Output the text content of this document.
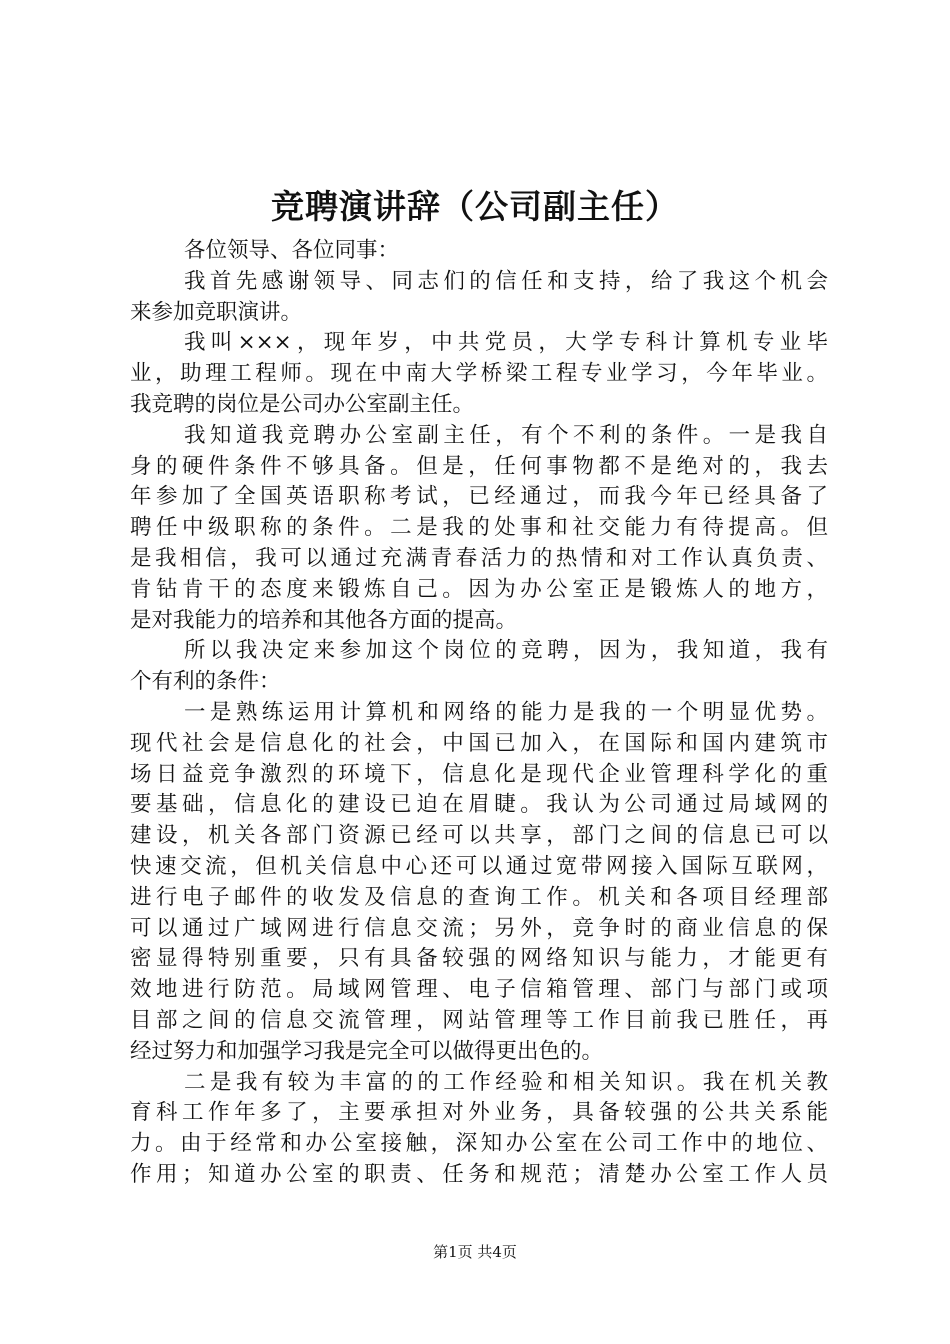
竞聘演讲辞（公司副主任）
各位领导、各位同事：
我首先感谢领导、同志们的信任和支持，给了我这个机会
来参加竞职演讲。
我叫×××，现年岁，中共党员，大学专科计算机专业毕
业，助理工程师。现在中南大学桥梁工程专业学习，今年毕业。
我竞聘的岗位是公司办公室副主任。
我知道我竞聘办公室副主任，有个不利的条件。一是我自
身的硬件条件不够具备。但是，任何事物都不是绝对的，我去
年参加了全国英语职称考试，已经通过，而我今年已经具备了
聘任中级职称的条件。二是我的处事和社交能力有待提高。但
是我相信，我可以通过充满青春活力的热情和对工作认真负责、
肯钻肯干的态度来锻炼自己。因为办公室正是锻炼人的地方，
是对我能力的培养和其他各方面的提高。
所以我决定来参加这个岗位的竞聘，因为，我知道，我有
个有利的条件：
一是熟练运用计算机和网络的能力是我的一个明显优势。
现代社会是信息化的社会，中国已加入，在国际和国内建筑市
场日益竞争激烈的环境下，信息化是现代企业管理科学化的重
要基础，信息化的建设已迫在眉睫。我认为公司通过局域网的
建设，机关各部门资源已经可以共享，部门之间的信息已可以
快速交流，但机关信息中心还可以通过宽带网接入国际互联网，
进行电子邮件的收发及信息的查询工作。机关和各项目经理部
可以通过广域网进行信息交流；另外，竞争时的商业信息的保
密显得特别重要，只有具备较强的网络知识与能力，才能更有
效地进行防范。局域网管理、电子信箱管理、部门与部门或项
目部之间的信息交流管理，网站管理等工作目前我已胜任，再
经过努力和加强学习我是完全可以做得更出色的。
二是我有较为丰富的的工作经验和相关知识。我在机关教
育科工作年多了，主要承担对外业务，具备较强的公共关系能
力。由于经常和办公室接触，深知办公室在公司工作中的地位、
作用；知道办公室的职责、任务和规范；清楚办公室工作人员
第1页 共4页
